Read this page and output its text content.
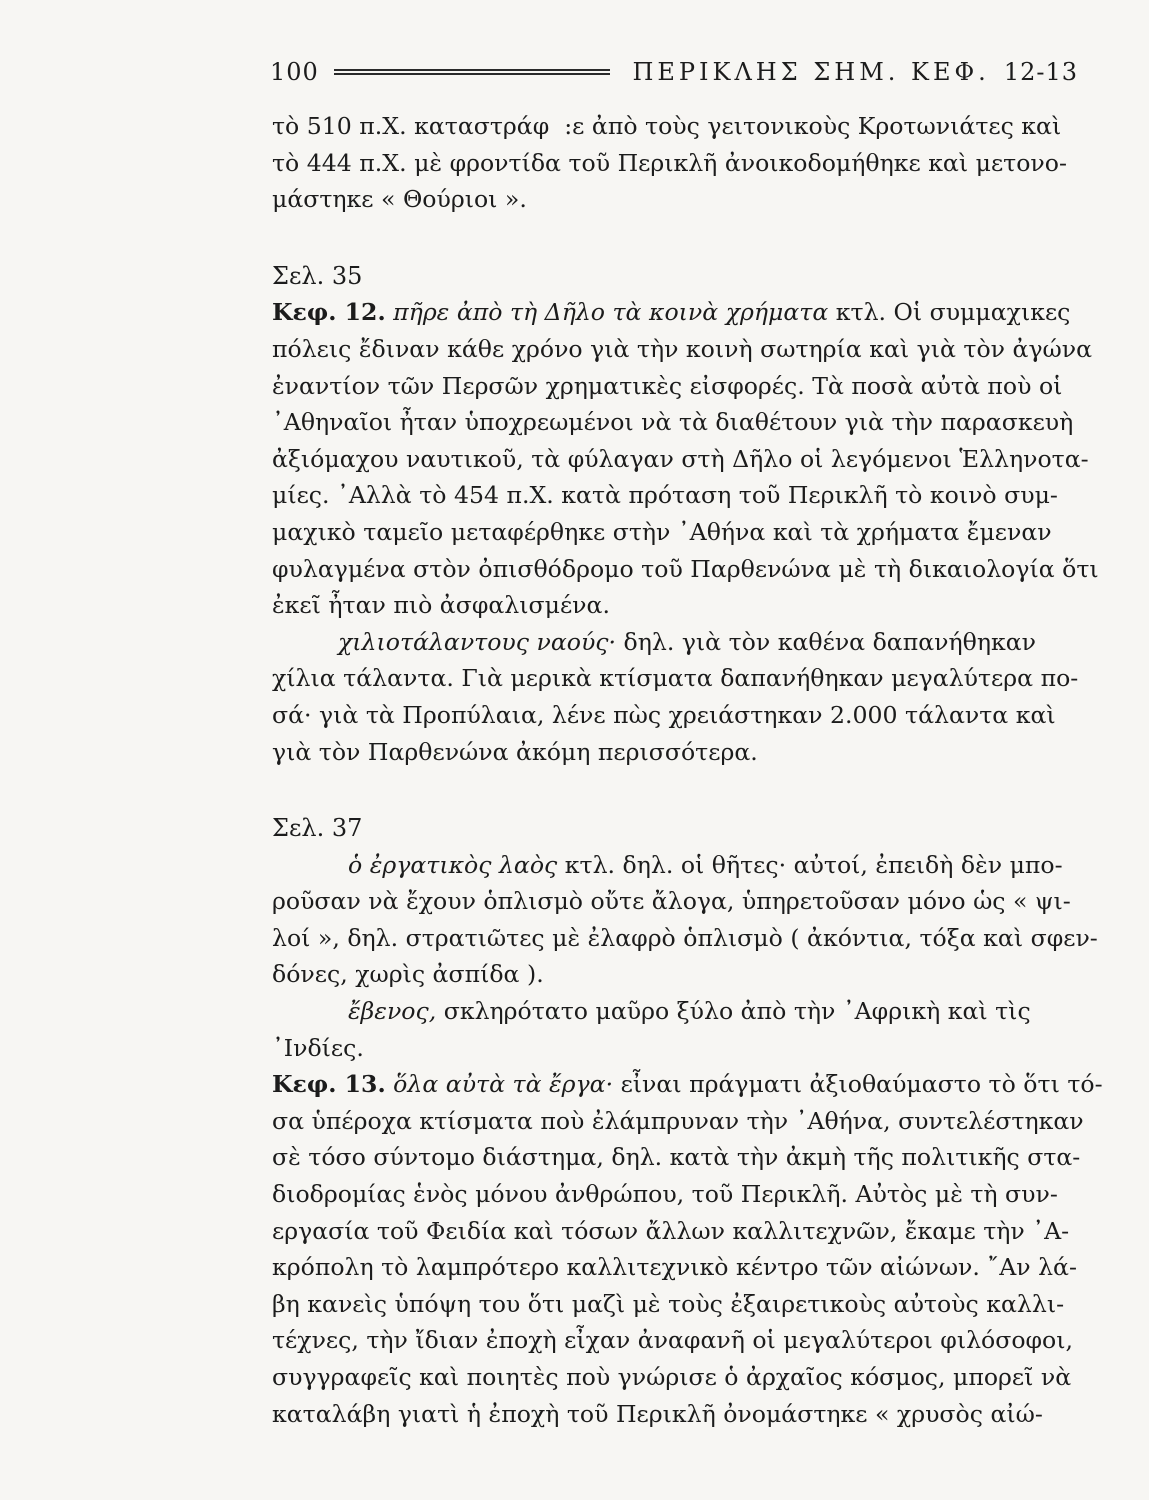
100	ΠΕΡΙΚΛΗΣ ΣΗΜ. ΚΕΦ. 12-13
τὸ 510 π.Χ. καταστράφ  :ε ἀπὸ τοὺς γειτονικοὺς Κροτωνιάτες καὶ
τὸ 444 π.Χ. μὲ φροντίδα τοῦ Περικλῆ ἀνοικοδομήθηκε καὶ μετονο-
μάστηκε « Θούριοι ».
Σελ. 35
Κεφ. 12. πῆρε ἀπὸ τὴ Δῆλο τὰ κοινὰ χρήματα κτλ. Οἱ συμμαχικες
πόλεις ἔδιναν κάθε χρόνο γιὰ τὴν κοινὴ σωτηρία καὶ γιὰ τὸν ἀγώνα
ἐναντίον τῶν Περσῶν χρηματικὲς εἰσφορές. Τὰ ποσὰ αὐτὰ ποὺ οἱ
᾿Αθηναῖοι ἦταν ὑποχρεωμένοι νὰ τὰ διαθέτουν γιὰ τὴν παρασκευὴ
ἀξιόμαχου ναυτικοῦ, τὰ φύλαγαν στὴ Δῆλο οἱ λεγόμενοι Ἑλληνοτα-
μίες. ᾿Αλλὰ τὸ 454 π.Χ. κατὰ πρόταση τοῦ Περικλῆ τὸ κοινὸ συμ-
μαχικὸ ταμεῖο μεταφέρθηκε στὴν ᾿Αθήνα καὶ τὰ χρήματα ἔμεναν
φυλαγμένα στὸν ὀπισθόδρομο τοῦ Παρθενώνα μὲ τὴ δικαιολογία ὅτι
ἐκεῖ ἦταν πιὸ ἀσφαλισμένα.
χιλιοτάλαντους ναούς· δηλ. γιὰ τὸν καθένα δαπανήθηκαν
χίλια τάλαντα. Γιὰ μερικὰ κτίσματα δαπανήθηκαν μεγαλύτερα πο-
σά· γιὰ τὰ Προπύλαια, λένε πὼς χρειάστηκαν 2.000 τάλαντα καὶ
γιὰ τὸν Παρθενώνα ἀκόμη περισσότερα.
Σελ. 37
ὁ ἐργατικὸς λαὸς κτλ. δηλ. οἱ θῆτες· αὐτοί, ἐπειδὴ δὲν μπο-
ροῦσαν νὰ ἔχουν ὁπλισμὸ οὔτε ἄλογα, ὑπηρετοῦσαν μόνο ὡς « ψι-
λοί », δηλ. στρατιῶτες μὲ ἐλαφρὸ ὁπλισμὸ ( ἀκόντια, τόξα καὶ σφεν-
δόνες, χωρὶς ἀσπίδα ).
ἔβενος, σκληρότατο μαῦρο ξύλο ἀπὸ τὴν ᾿Αφρικὴ καὶ τὶς
᾿Ινδίες.
Κεφ. 13. ὅλα αὐτὰ τὰ ἔργα· εἶναι πράγματι ἀξιοθαύμαστο τὸ ὅτι τό-
σα ὑπέροχα κτίσματα ποὺ ἐλάμπρυναν τὴν ᾿Αθήνα, συντελέστηκαν
σὲ τόσο σύντομο διάστημα, δηλ. κατὰ τὴν ἀκμὴ τῆς πολιτικῆς στα-
διοδρομίας ἑνὸς μόνου ἀνθρώπου, τοῦ Περικλῆ. Αὐτὸς μὲ τὴ συν-
εργασία τοῦ Φειδία καὶ τόσων ἄλλων καλλιτεχνῶν, ἔκαμε τὴν ᾿Α-
κρόπολη τὸ λαμπρότερο καλλιτεχνικὸ κέντρο τῶν αἰώνων. ῎Αν λά-
βη κανεὶς ὑπόψη του ὅτι μαζὶ μὲ τοὺς ἐξαιρετικοὺς αὐτοὺς καλλι-
τέχνες, τὴν ἴδιαν ἐποχὴ εἶχαν ἀναφανῆ οἱ μεγαλύτεροι φιλόσοφοι,
συγγραφεῖς καὶ ποιητὲς ποὺ γνώρισε ὁ ἀρχαῖος κόσμος, μπορεῖ νὰ
καταλάβη γιατὶ ἡ ἐποχὴ τοῦ Περικλῆ ὀνομάστηκε « χρυσὸς αἰώ-
